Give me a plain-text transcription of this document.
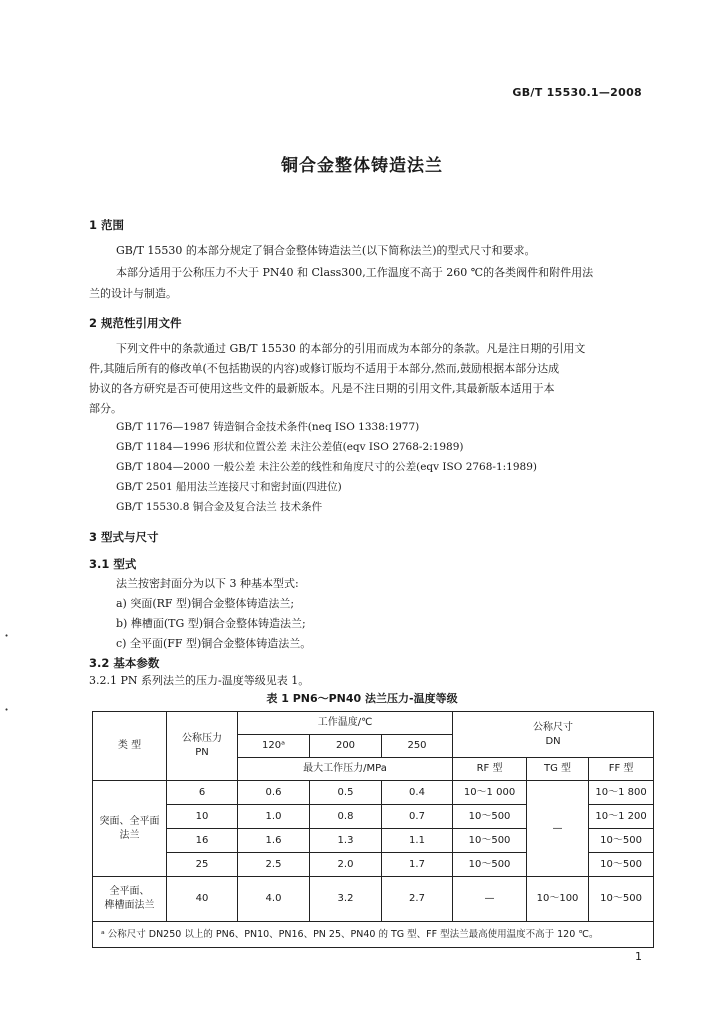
GB/T 15530.1—2008
铜合金整体铸造法兰
1 范围
GB/T 15530 的本部分规定了铜合金整体铸造法兰(以下简称法兰)的型式尺寸和要求。
本部分适用于公称压力不大于 PN40 和 Class300,工作温度不高于 260 ℃的各类阀件和附件用法
兰的设计与制造。
2 规范性引用文件
下列文件中的条款通过 GB/T 15530 的本部分的引用而成为本部分的条款。凡是注日期的引用文
件,其随后所有的修改单(不包括勘误的内容)或修订版均不适用于本部分,然而,鼓励根据本部分达成
协议的各方研究是否可使用这些文件的最新版本。凡是不注日期的引用文件,其最新版本适用于本
部分。
GB/T 1176—1987 铸造铜合金技术条件(neq ISO 1338:1977)
GB/T 1184—1996 形状和位置公差 未注公差值(eqv ISO 2768-2:1989)
GB/T 1804—2000 一般公差 未注公差的线性和角度尺寸的公差(eqv ISO 2768-1:1989)
GB/T 2501 船用法兰连接尺寸和密封面(四进位)
GB/T 15530.8 铜合金及复合法兰 技术条件
3 型式与尺寸
3.1 型式
法兰按密封面分为以下 3 种基本型式:
a) 突面(RF 型)铜合金整体铸造法兰;
b) 榫槽面(TG 型)铜合金整体铸造法兰;
c) 全平面(FF 型)铜合金整体铸造法兰。
3.2 基本参数
3.2.1 PN 系列法兰的压力-温度等级见表 1。
·
·
表 1 PN6～PN40 法兰压力-温度等级
类 型	公称压力
PN	工作温度/℃			公称尺寸
DN		
		120ᵃ	200	250			
		最大工作压力/MPa			RF 型	TG 型	FF 型
突面、全平面
法兰	6	0.6	0.5	0.4	10～1 000	—	10～1 800
	10	1.0	0.8	0.7	10～500		10～1 200
	16	1.6	1.3	1.1	10～500		10～500
	25	2.5	2.0	1.7	10～500		10～500
全平面、
榫槽面法兰	40	4.0	3.2	2.7	—	10～100	10～500
ᵃ 公称尺寸 DN250 以上的 PN6、PN10、PN16、PN 25、PN40 的 TG 型、FF 型法兰最高使用温度不高于 120 ℃。							
1
